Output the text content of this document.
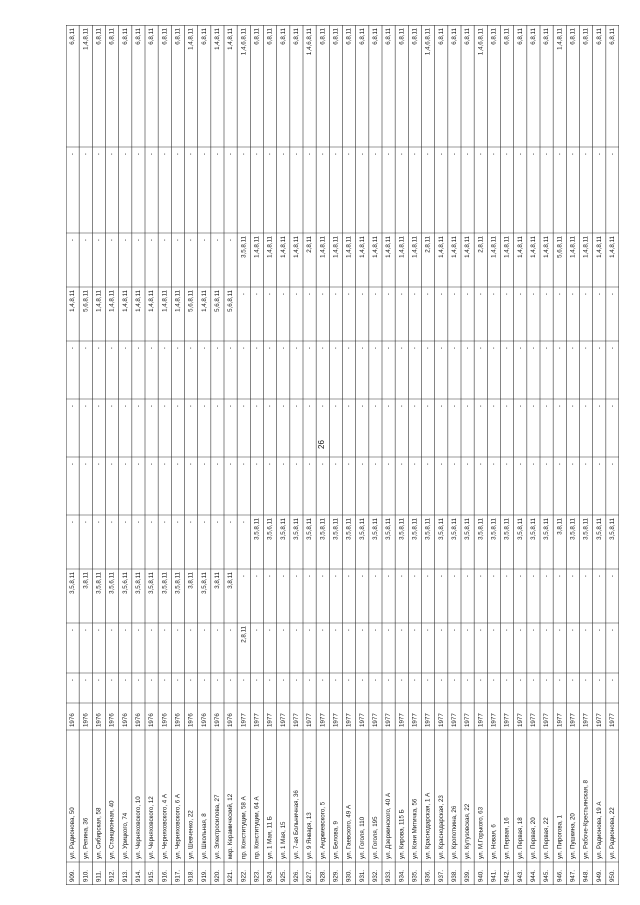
26
909.
ул. Радионова, 50
1976
-
-
3,5,8,11
-
-
-
-
1,4,8,11
-
-
6,8,11
910.
ул. Репина, 36
1976
-
-
3,8,11
-
-
-
-
5,6,8,11
-
-
1,4,8,11
911.
ул. Сибирская, 58
1976
-
-
3,5,8,11
-
-
-
-
1,4,8,11
-
-
6,8,11
912.
ул. Станционная, 40
1976
-
-
3,5,6,11
-
-
-
-
1,4,8,11
-
-
6,8,11
913.
ул. Урицкого, 74
1976
-
-
3,5,6,11
-
-
-
-
1,4,8,11
-
-
6,8,11
914.
ул. Черняховского, 10
1976
-
-
3,5,8,11
-
-
-
-
1,4,8,11
-
-
6,8,11
915.
ул. Черняховского, 12
1976
-
-
3,5,8,11
-
-
-
-
1,4,8,11
-
-
6,8,11
916.
ул. Черняховского, 4 А
1976
-
-
3,5,8,11
-
-
-
-
1,4,8,11
-
-
6,8,11
917.
ул. Черняховского, 6 А
1976
-
-
3,5,8,11
-
-
-
-
1,4,8,11
-
-
6,8,11
918.
ул. Шевченко, 22
1976
-
-
3,8,11
-
-
-
-
5,6,8,11
-
-
1,4,8,11
919.
ул. Школьная, 8
1976
-
-
3,5,8,11
-
-
-
-
1,4,8,11
-
-
6,8,11
920.
ул. Электросилова, 27
1976
-
-
3,8,11
-
-
-
-
5,6,8,11
-
-
1,4,8,11
921.
мкр. Керамический, 12
1976
-
-
3,8,11
-
-
-
-
5,6,8,11
-
-
1,4,8,11
922.
пр. Конституции, 58 А
1977
-
2,8,11
-
-
-
-
-
-
3,5,8,11
-
1,4,6,8,11
923.
пр. Конституции, 64 А
1977
-
-
-
3,5,8,11
-
-
-
-
1,4,8,11
-
6,8,11
924.
ул. 1 Мая, 11 Б
1977
-
-
-
3,5,6,11
-
-
-
-
1,4,8,11
-
6,8,11
925.
ул. 1 Мая, 15
1977
-
-
-
3,5,8,11
-
-
-
-
1,4,8,11
-
6,8,11
926.
ул. 7-ая Больничная, 36
1977
-
-
-
3,5,8,11
-
-
-
-
1,4,8,11
-
6,8,11
927.
ул. 9 Января, 13
1977
-
-
-
3,5,8,11
-
-
-
-
2,8,11
-
1,4,6,8,11
928.
ул. Анджиевского, 5
1977
-
-
-
3,5,8,11
-
-
-
-
1,4,8,11
-
6,8,11
929.
ул. Белова, 9
1977
-
-
-
3,5,8,11
-
-
-
-
1,4,8,11
-
6,8,11
930.
ул. Гаевского, 49 А
1977
-
-
-
3,5,8,11
-
-
-
-
1,4,8,11
-
6,8,11
931.
ул. Гоголя, 110
1977
-
-
-
3,5,8,11
-
-
-
-
1,4,8,11
-
6,8,11
932.
ул. Гоголя, 195
1977
-
-
-
3,5,8,11
-
-
-
-
1,4,8,11
-
6,8,11
933.
ул. Дзержинского, 40 А
1977
-
-
-
3,5,8,11
-
-
-
-
1,4,8,11
-
6,8,11
934.
ул. Кирова, 115 Б
1977
-
-
-
3,5,8,11
-
-
-
-
1,4,8,11
-
6,8,11
935.
ул. Кони Митичка, 56
1977
-
-
-
3,5,8,11
-
-
-
-
1,4,8,11
-
6,8,11
936.
ул. Краснодарская, 1 А
1977
-
-
-
3,5,8,11
-
-
-
-
2,8,11
-
1,4,6,8,11
937.
ул. Краснодарская, 23
1977
-
-
-
3,5,8,11
-
-
-
-
1,4,8,11
-
6,8,11
938.
ул. Кропоткина, 26
1977
-
-
-
3,5,8,11
-
-
-
-
1,4,8,11
-
6,8,11
939.
ул. Кутузовская, 22
1977
-
-
-
3,5,8,11
-
-
-
-
1,4,8,11
-
6,8,11
940.
ул. М.Горького, 63
1977
-
-
-
3,5,8,11
-
-
-
-
2,8,11
-
1,4,6,8,11
941.
ул. Новая, 6
1977
-
-
-
3,5,8,11
-
-
-
-
1,4,8,11
-
6,8,11
942.
ул. Первая, 16
1977
-
-
-
3,5,8,11
-
-
-
-
1,4,8,11
-
6,8,11
943.
ул. Первая, 18
1977
-
-
-
3,5,8,11
-
-
-
-
1,4,8,11
-
6,8,11
944.
ул. Первая, 20
1977
-
-
-
3,5,8,11
-
-
-
-
1,4,8,11
-
6,8,11
945.
ул. Первая, 22
1977
-
-
-
3,5,8,11
-
-
-
-
1,4,8,11
-
6,8,11
946.
ул. Пирогова, 1
1977
-
-
-
3,8,11
-
-
-
-
5,6,8,11
-
1,4,8,11
947.
ул. Пушкина, 20
1977
-
-
-
3,5,8,11
-
-
-
-
1,4,8,11
-
6,8,11
948.
ул. Рабоче-Крестьянская, 8
1977
-
-
-
3,5,8,11
-
-
-
-
1,4,8,11
-
6,8,11
949.
ул. Радионова, 19 А
1977
-
-
-
3,5,8,11
-
-
-
-
1,4,8,11
-
6,8,11
950.
ул. Радионова, 22
1977
-
-
-
3,5,8,11
-
-
-
-
1,4,8,11
-
6,8,11
